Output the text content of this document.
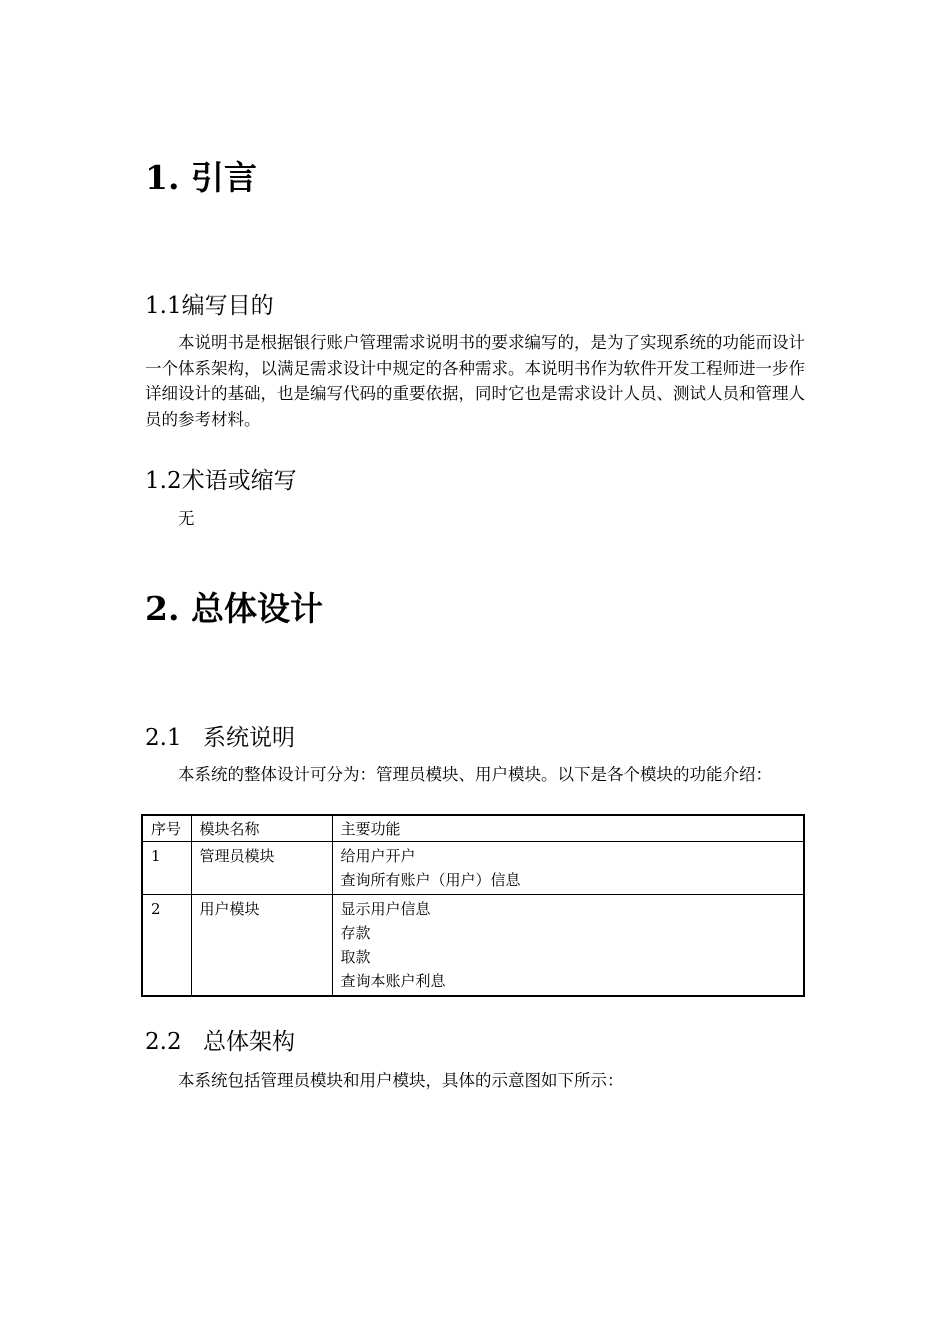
1. 引言
1.1编写目的
本说明书是根据银行账户管理需求说明书的要求编写的，是为了实现系统的功能而设计一个体系架构，以满足需求设计中规定的各种需求。本说明书作为软件开发工程师进一步作详细设计的基础，也是编写代码的重要依据，同时它也是需求设计人员、测试人员和管理人员的参考材料。
1.2术语或缩写
无
2. 总体设计
2.1 系统说明
本系统的整体设计可分为：管理员模块、用户模块。以下是各个模块的功能介绍：
序号	模块名称	主要功能
1	管理员模块	给用户开户
查询所有账户（用户）信息

2	用户模块	显示用户信息
存款
取款
查询本账户利息
2.2 总体架构
本系统包括管理员模块和用户模块，具体的示意图如下所示：
